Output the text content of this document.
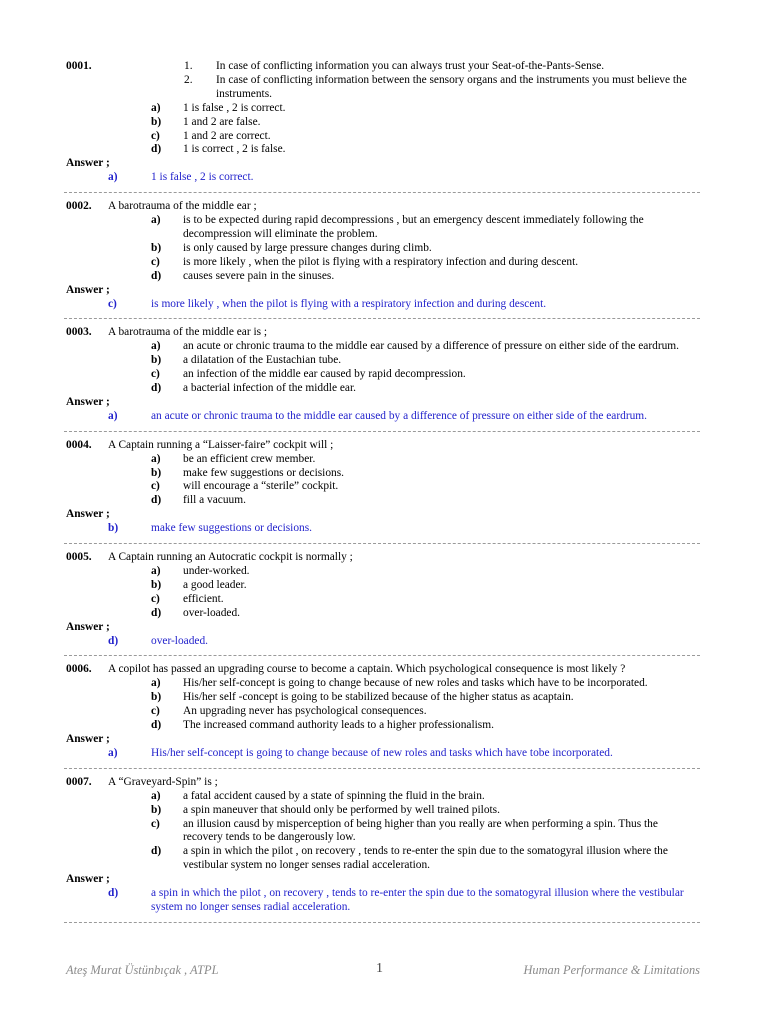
0001.	1.	In case of conflicting information you can always trust your Seat-of-the-Pants-Sense.
2.	In case of conflicting information between the sensory organs and the instruments you must believe the instruments.
a)	1 is false , 2 is correct.
b)	1 and 2 are false.
c)	1 and 2 are correct.
d)	1 is correct , 2 is false.
Answer ;
a)	1 is false , 2 is correct.
0002.	A barotrauma of the middle ear ;
a)	is to be expected during rapid decompressions , but an emergency descent immediately following the decompression will eliminate the problem.
b)	is only caused by large pressure changes during climb.
c)	is more likely , when the pilot is flying with a respiratory infection and during descent.
d)	causes severe pain in the sinuses.
Answer ;
c)	is more likely , when the pilot is flying with a respiratory infection and during descent.
0003.	A barotrauma of the middle ear is ;
a)	an acute or chronic trauma to the middle ear caused by a difference of pressure on either side of the eardrum.
b)	a dilatation of the Eustachian tube.
c)	an infection of the middle ear caused by rapid decompression.
d)	a bacterial infection of the middle ear.
Answer ;
a)	an acute or chronic trauma to the middle ear caused by a difference of pressure on either side of the eardrum.
0004.	A Captain running a “Laisser-faire” cockpit will ;
a)	be an efficient crew member.
b)	make few suggestions or decisions.
c)	will encourage a “sterile” cockpit.
d)	fill a vacuum.
Answer ;
b)	make few suggestions or decisions.
0005.	A Captain running an Autocratic cockpit is normally ;
a)	under-worked.
b)	a good leader.
c)	efficient.
d)	over-loaded.
Answer ;
d)	over-loaded.
0006.	A copilot has passed an upgrading course to become a captain. Which psychological consequence is most likely ?
a)	His/her self-concept is going to change because of new roles and tasks which have to be incorporated.
b)	His/her self -concept is going to be stabilized because of the higher status as acaptain.
c)	An upgrading never has psychological consequences.
d)	The increased command authority leads to a higher professionalism.
Answer ;
a)	His/her self-concept is going to change because of new roles and tasks which have tobe incorporated.
0007.	A “Graveyard-Spin” is ;
a)	a fatal accident caused by a state of spinning the fluid in the brain.
b)	a spin maneuver that should only be performed by well trained pilots.
c)	an illusion causd by misperception of being higher than you really are when performing a spin. Thus the recovery tends to be dangerously low.
d)	a spin in which the pilot , on recovery , tends to re-enter the spin due to the somatogyral illusion where the vestibular system no longer senses radial acceleration.
Answer ;
d)	a spin in which the pilot , on recovery , tends to re-enter the spin due to the somatogyral illusion where the vestibular system no longer senses radial acceleration.
Ateş Murat Üstünbıçak , ATPL	1	Human Performance & Limitations
